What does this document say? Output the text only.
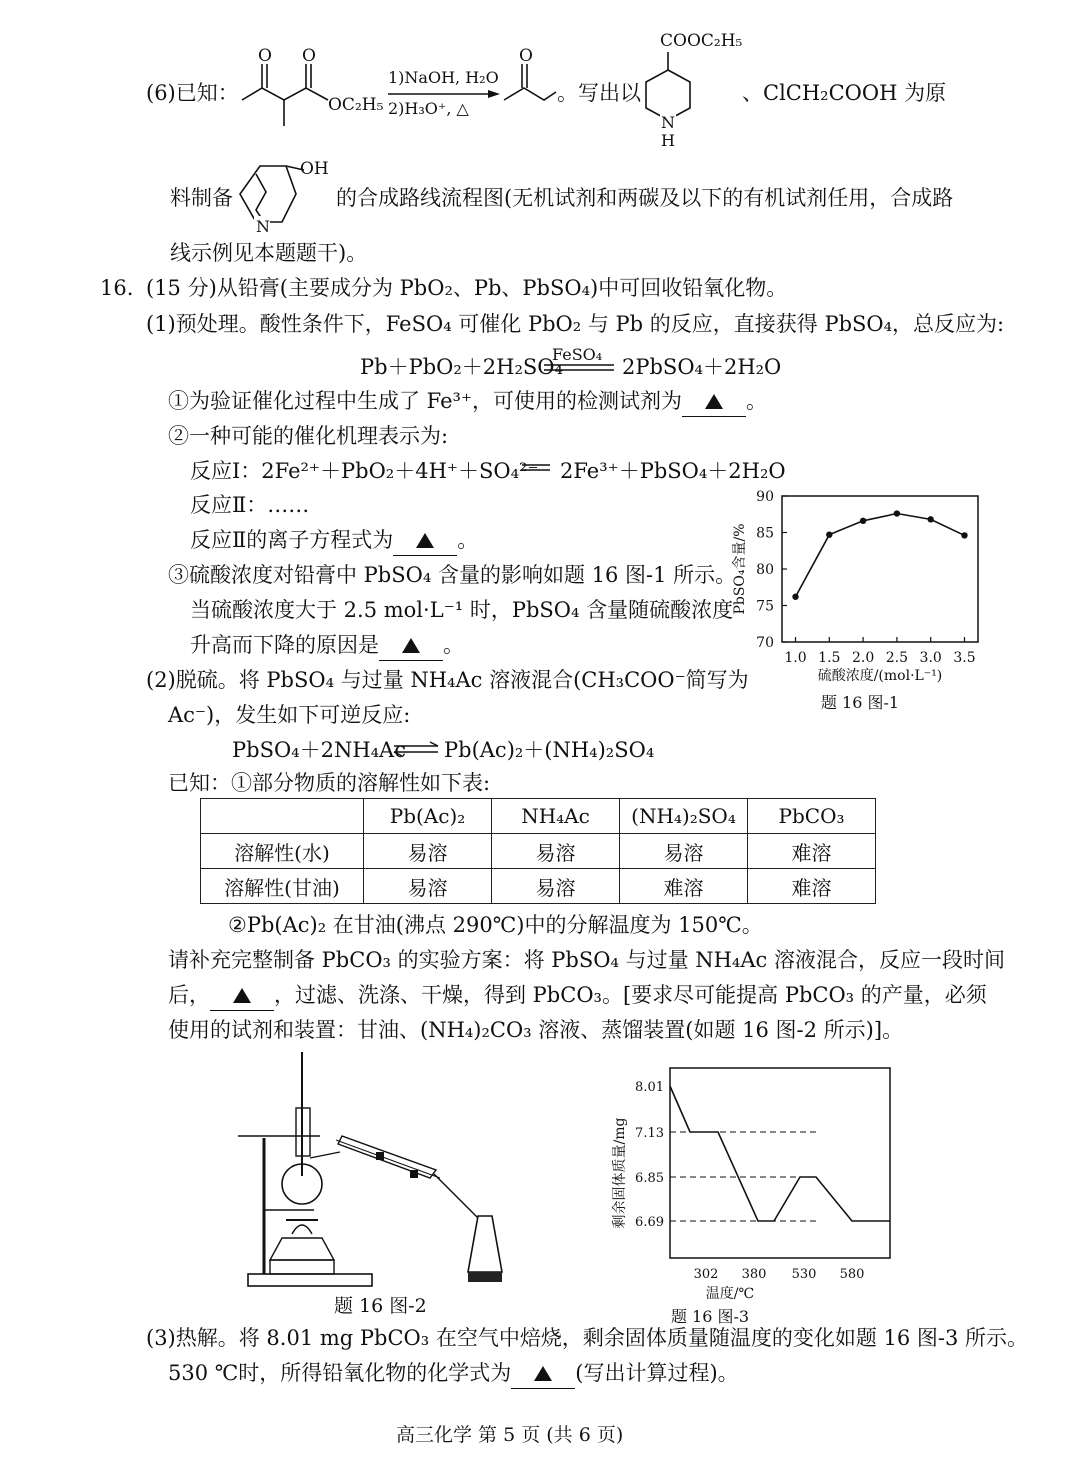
(6)已知：
O O
OC₂H₅
1)NaOH, H₂O
2)H₃O⁺, △
O
。写出以
COOC₂H₅
N
H
、ClCH₂COOH 为原
料制备
N
OH
的合成路线流程图(无机试剂和两碳及以下的有机试剂任用，合成路
线示例见本题题干)。
16. (15 分)从铅膏(主要成分为 PbO₂、Pb、PbSO₄)中可回收铅氧化物。
(1)预处理。酸性条件下，FeSO₄ 可催化 PbO₂ 与 Pb 的反应，直接获得 PbSO₄，总反应为:
Pb＋PbO₂＋2H₂SO₄
FeSO₄
2PbSO₄＋2H₂O
①为验证催化过程中生成了 Fe³⁺，可使用的检测试剂为	。
②一种可能的催化机理表示为:
反应Ⅰ：2Fe²⁺＋PbO₂＋4H⁺＋SO₄²⁻ 2Fe³⁺＋PbSO₄＋2H₂O
反应Ⅱ：……
反应Ⅱ的离子方程式为	。
③硫酸浓度对铅膏中 PbSO₄ 含量的影响如题 16 图-1 所示。
当硫酸浓度大于 2.5 mol·L⁻¹ 时，PbSO₄ 含量随硫酸浓度
升高而下降的原因是	。	70
75
80
85
90
1.0 1.5 2.0 2.5 3.0 3.5
硫酸浓度/(mol·L⁻¹)
PbSO₄含量/%
题 16 图-1
(2)脱硫。将 PbSO₄ 与过量 NH₄Ac 溶液混合(CH₃COO⁻简写为
Ac⁻)，发生如下可逆反应:
PbSO₄＋2NH₄Ac ⇌ Pb(Ac)₂＋(NH₄)₂SO₄
已知：①部分物质的溶解性如下表:
	Pb(Ac)₂	NH₄Ac	(NH₄)₂SO₄	PbCO₃
溶解性(水)	易溶	易溶	易溶	难溶
溶解性(甘油)	易溶	易溶	难溶	难溶
②Pb(Ac)₂ 在甘油(沸点 290℃)中的分解温度为 150℃。
请补充完整制备 PbCO₃ 的实验方案：将 PbSO₄ 与过量 NH₄Ac 溶液混合，反应一段时间
后，	，过滤、洗涤、干燥，得到 PbCO₃。[要求尽可能提高 PbCO₃ 的产量，必须
使用的试剂和装置：甘油、(NH₄)₂CO₃ 溶液、蒸馏装置(如题 16 图-2 所示)]。
题 16 图-2
8.01
7.13
6.85
6.69
302 380 530 580
温度/℃
剩余固体质量/mg
题 16 图-3
(3)热解。将 8.01 mg PbCO₃ 在空气中焙烧，剩余固体质量随温度的变化如题 16 图-3 所示。
530 ℃时，所得铅氧化物的化学式为	(写出计算过程)。
高三化学 第 5 页 (共 6 页)
